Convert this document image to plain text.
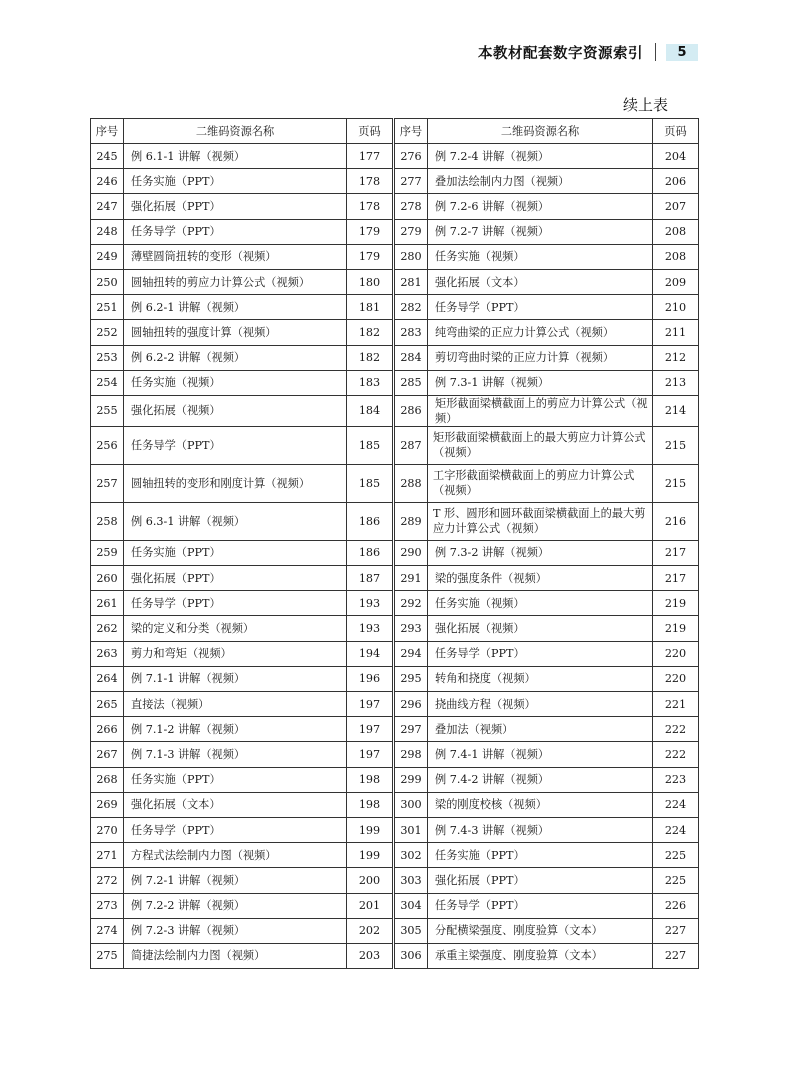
本教材配套数字资源索引	5
续上表
序号	二维码资源名称	页码	序号	二维码资源名称	页码
245	例 6.1-1 讲解（视频）	177	276	例 7.2-4 讲解（视频）	204
246	任务实施（PPT）	178	277	叠加法绘制内力图（视频）	206
247	强化拓展（PPT）	178	278	例 7.2-6 讲解（视频）	207
248	任务导学（PPT）	179	279	例 7.2-7 讲解（视频）	208
249	薄壁圆筒扭转的变形（视频）	179	280	任务实施（视频）	208
250	圆轴扭转的剪应力计算公式（视频）	180	281	强化拓展（文本）	209
251	例 6.2-1 讲解（视频）	181	282	任务导学（PPT）	210
252	圆轴扭转的强度计算（视频）	182	283	纯弯曲梁的正应力计算公式（视频）	211
253	例 6.2-2 讲解（视频）	182	284	剪切弯曲时梁的正应力计算（视频）	212
254	任务实施（视频）	183	285	例 7.3-1 讲解（视频）	213
255	强化拓展（视频）	184	286	矩形截面梁横截面上的剪应力计算公式（视频）	214
256	任务导学（PPT）	185	287	矩形截面梁横截面上的最大剪应力计算公式（视频）	215
257	圆轴扭转的变形和刚度计算（视频）	185	288	工字形截面梁横截面上的剪应力计算公式（视频）	215
258	例 6.3-1 讲解（视频）	186	289	T 形、圆形和圆环截面梁横截面上的最大剪应力计算公式（视频）	216
259	任务实施（PPT）	186	290	例 7.3-2 讲解（视频）	217
260	强化拓展（PPT）	187	291	梁的强度条件（视频）	217
261	任务导学（PPT）	193	292	任务实施（视频）	219
262	梁的定义和分类（视频）	193	293	强化拓展（视频）	219
263	剪力和弯矩（视频）	194	294	任务导学（PPT）	220
264	例 7.1-1 讲解（视频）	196	295	转角和挠度（视频）	220
265	直接法（视频）	197	296	挠曲线方程（视频）	221
266	例 7.1-2 讲解（视频）	197	297	叠加法（视频）	222
267	例 7.1-3 讲解（视频）	197	298	例 7.4-1 讲解（视频）	222
268	任务实施（PPT）	198	299	例 7.4-2 讲解（视频）	223
269	强化拓展（文本）	198	300	梁的刚度校核（视频）	224
270	任务导学（PPT）	199	301	例 7.4-3 讲解（视频）	224
271	方程式法绘制内力图（视频）	199	302	任务实施（PPT）	225
272	例 7.2-1 讲解（视频）	200	303	强化拓展（PPT）	225
273	例 7.2-2 讲解（视频）	201	304	任务导学（PPT）	226
274	例 7.2-3 讲解（视频）	202	305	分配横梁强度、刚度验算（文本）	227
275	简捷法绘制内力图（视频）	203	306	承重主梁强度、刚度验算（文本）	227
